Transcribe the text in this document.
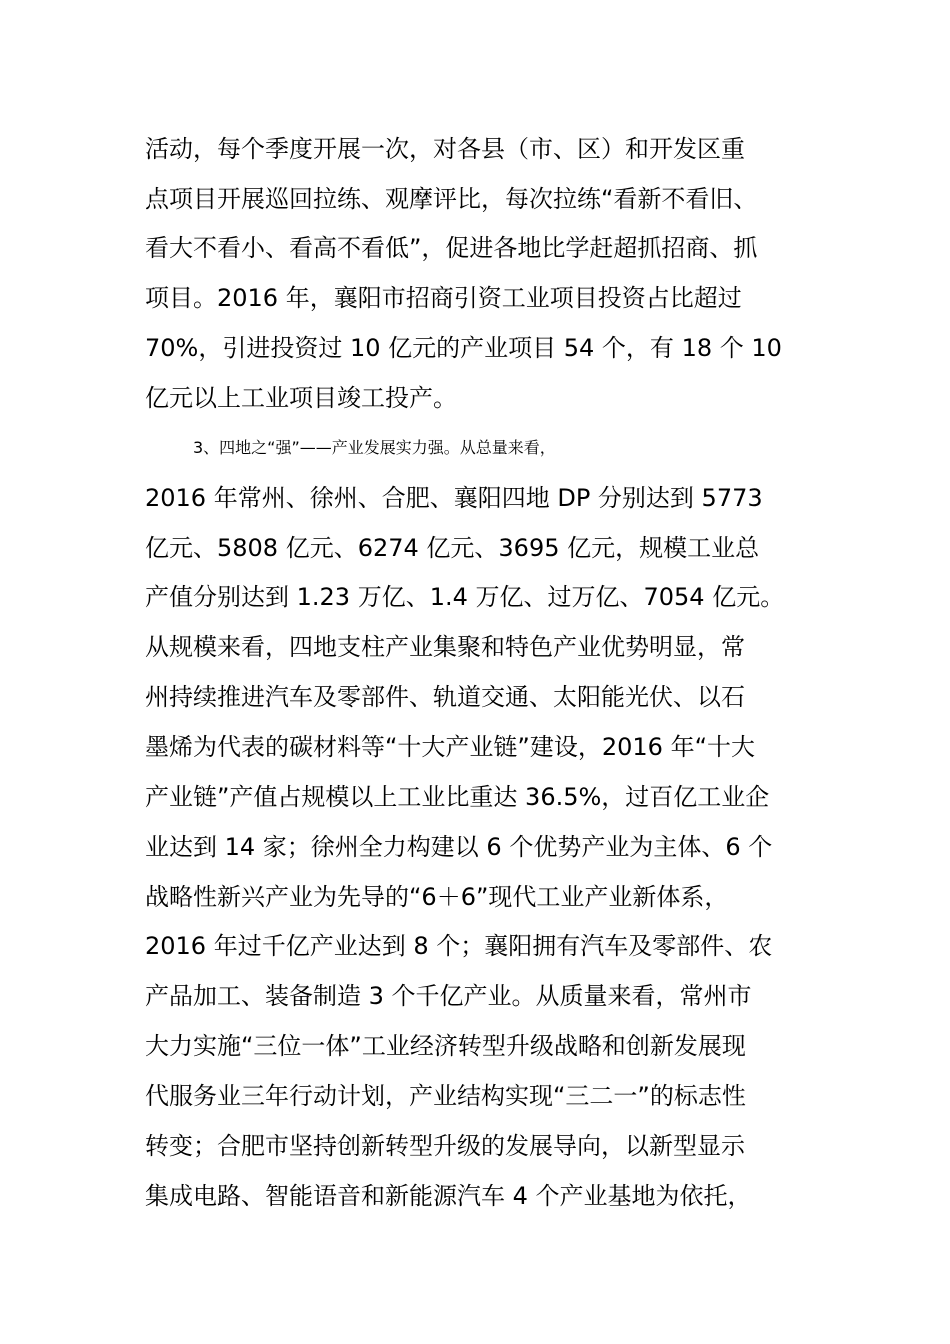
活动，每个季度开展一次，对各县（市、区）和开发区重
点项目开展巡回拉练、观摩评比，每次拉练“看新不看旧、
看大不看小、看高不看低”，促进各地比学赶超抓招商、抓
项目。2016 年，襄阳市招商引资工业项目投资占比超过
70%，引进投资过 10 亿元的产业项目 54 个，有 18 个 10
亿元以上工业项目竣工投产。
3、四地之“强”——产业发展实力强。从总量来看，
2016 年常州、徐州、合肥、襄阳四地 DP 分别达到 5773
亿元、5808 亿元、6274 亿元、3695 亿元，规模工业总
产值分别达到 1.23 万亿、1.4 万亿、过万亿、7054 亿元。
从规模来看，四地支柱产业集聚和特色产业优势明显，常
州持续推进汽车及零部件、轨道交通、太阳能光伏、以石
墨烯为代表的碳材料等“十大产业链”建设，2016 年“十大
产业链”产值占规模以上工业比重达 36.5%，过百亿工业企
业达到 14 家；徐州全力构建以 6 个优势产业为主体、6 个
战略性新兴产业为先导的“6＋6”现代工业产业新体系，
2016 年过千亿产业达到 8 个；襄阳拥有汽车及零部件、农
产品加工、装备制造 3 个千亿产业。从质量来看，常州市
大力实施“三位一体”工业经济转型升级战略和创新发展现
代服务业三年行动计划，产业结构实现“三二一”的标志性
转变；合肥市坚持创新转型升级的发展导向，以新型显示
集成电路、智能语音和新能源汽车 4 个产业基地为依托，
